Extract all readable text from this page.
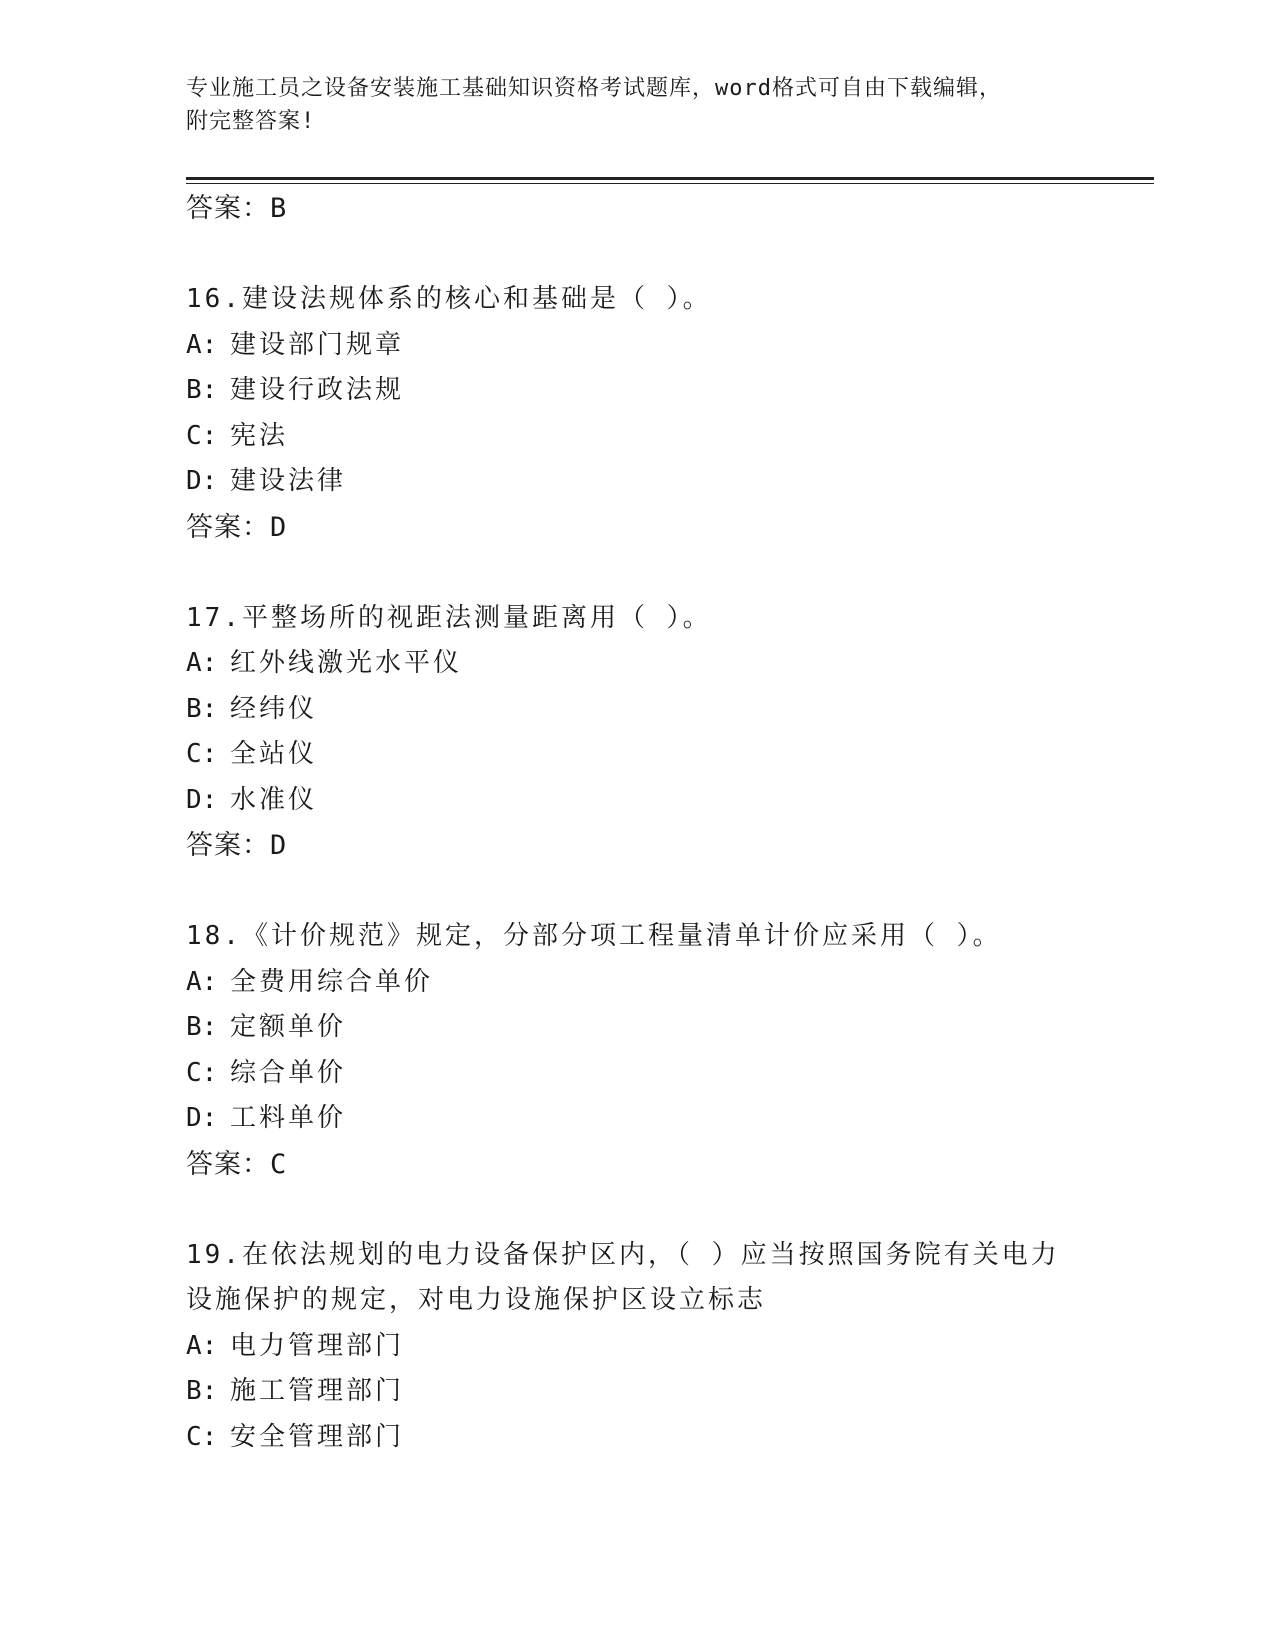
专业施工员之设备安装施工基础知识资格考试题库，word格式可自由下载编辑，
附完整答案!
答案：B
16.建设法规体系的核心和基础是（ ）。
A: 建设部门规章
B: 建设行政法规
C: 宪法
D: 建设法律
答案：D
17.平整场所的视距法测量距离用（ ）。
A: 红外线激光水平仪
B: 经纬仪
C: 全站仪
D: 水准仪
答案：D
18.《计价规范》规定，分部分项工程量清单计价应采用（ ）。
A: 全费用综合单价
B: 定额单价
C: 综合单价
D: 工料单价
答案：C
19.在依法规划的电力设备保护区内，（ ）应当按照国务院有关电力
设施保护的规定，对电力设施保护区设立标志
A: 电力管理部门
B: 施工管理部门
C: 安全管理部门
